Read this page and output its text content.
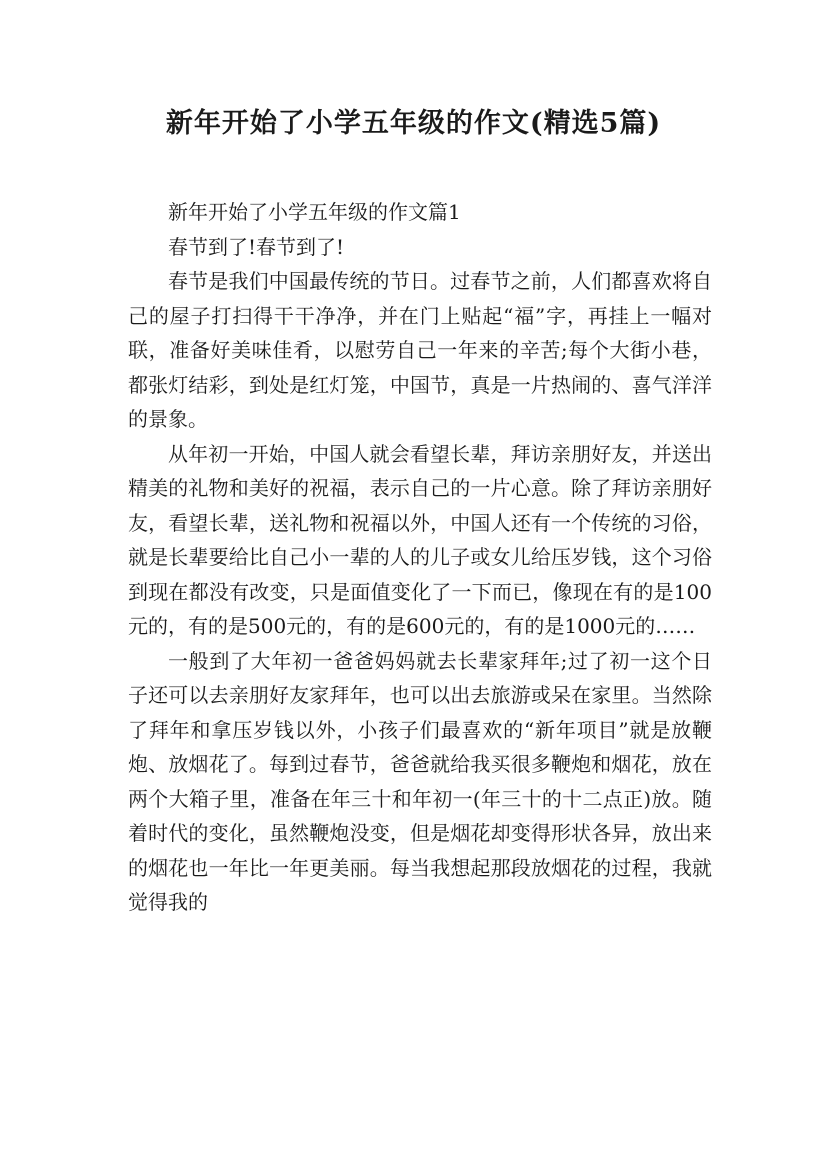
新年开始了小学五年级的作文(精选5篇)

新年开始了小学五年级的作文篇1

春节到了!春节到了!

春节是我们中国最传统的节日。过春节之前，人们都喜欢将自己的屋子打扫得干干净净，并在门上贴起“福”字，再挂上一幅对联，准备好美味佳肴，以慰劳自己一年来的辛苦;每个大街小巷，都张灯结彩，到处是红灯笼，中国节，真是一片热闹的、喜气洋洋的景象。

从年初一开始，中国人就会看望长辈，拜访亲朋好友，并送出精美的礼物和美好的祝福，表示自己的一片心意。除了拜访亲朋好友，看望长辈，送礼物和祝福以外，中国人还有一个传统的习俗，就是长辈要给比自己小一辈的人的儿子或女儿给压岁钱，这个习俗到现在都没有改变，只是面值变化了一下而已，像现在有的是100元的，有的是500元的，有的是600元的，有的是1000元的……

一般到了大年初一爸爸妈妈就去长辈家拜年;过了初一这个日子还可以去亲朋好友家拜年，也可以出去旅游或呆在家里。当然除了拜年和拿压岁钱以外，小孩子们最喜欢的“新年项目”就是放鞭炮、放烟花了。每到过春节，爸爸就给我买很多鞭炮和烟花，放在两个大箱子里，准备在年三十和年初一(年三十的十二点正)放。随着时代的变化，虽然鞭炮没变，但是烟花却变得形状各异，放出来的烟花也一年比一年更美丽。每当我想起那段放烟花的过程，我就觉得我的
